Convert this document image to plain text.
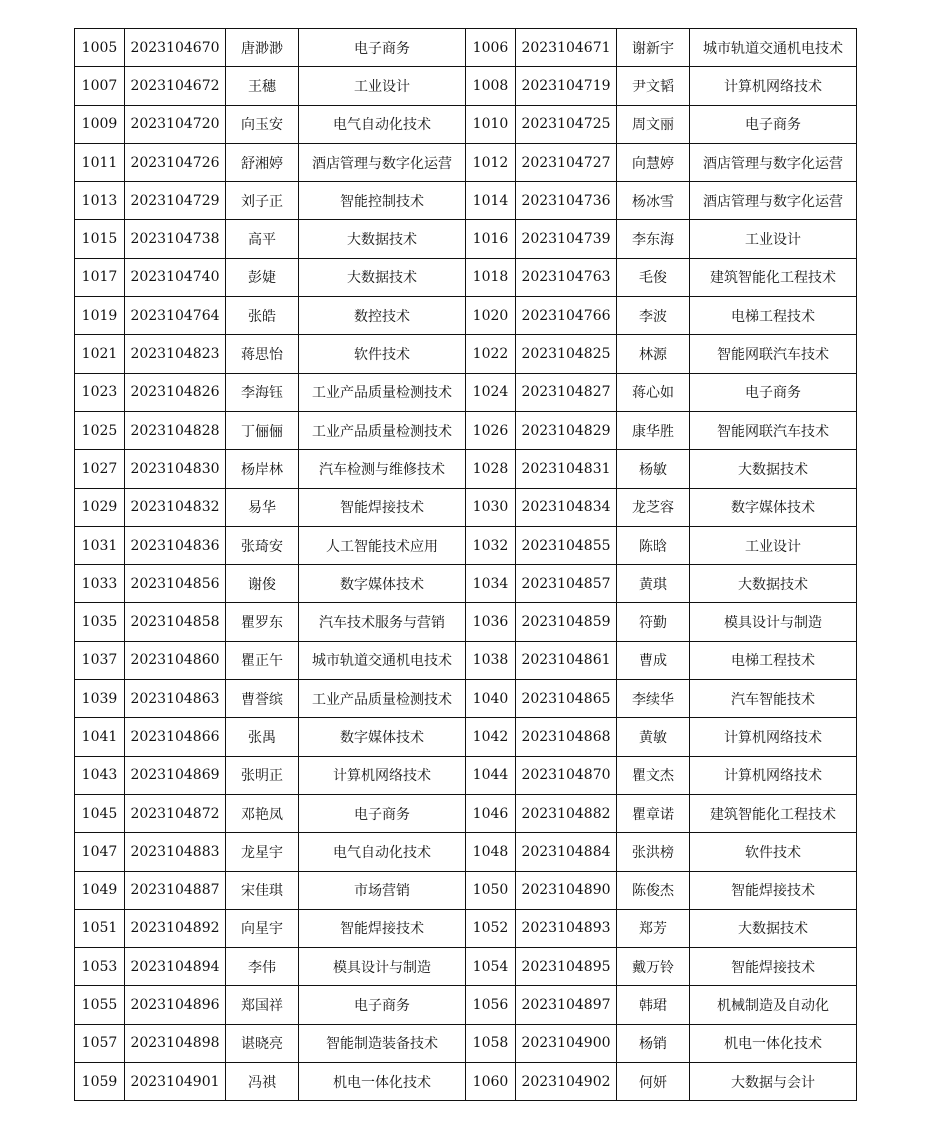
1005	2023104670	唐渺渺	电子商务	1006	2023104671	谢新宇	城市轨道交通机电技术
1007	2023104672	王穗	工业设计	1008	2023104719	尹文韬	计算机网络技术
1009	2023104720	向玉安	电气自动化技术	1010	2023104725	周文丽	电子商务
1011	2023104726	舒湘婷	酒店管理与数字化运营	1012	2023104727	向慧婷	酒店管理与数字化运营
1013	2023104729	刘子正	智能控制技术	1014	2023104736	杨冰雪	酒店管理与数字化运营
1015	2023104738	高平	大数据技术	1016	2023104739	李东海	工业设计
1017	2023104740	彭婕	大数据技术	1018	2023104763	毛俊	建筑智能化工程技术
1019	2023104764	张皓	数控技术	1020	2023104766	李波	电梯工程技术
1021	2023104823	蒋思怡	软件技术	1022	2023104825	林源	智能网联汽车技术
1023	2023104826	李海钰	工业产品质量检测技术	1024	2023104827	蒋心如	电子商务
1025	2023104828	丁俪俪	工业产品质量检测技术	1026	2023104829	康华胜	智能网联汽车技术
1027	2023104830	杨岸林	汽车检测与维修技术	1028	2023104831	杨敏	大数据技术
1029	2023104832	易华	智能焊接技术	1030	2023104834	龙芝容	数字媒体技术
1031	2023104836	张琦安	人工智能技术应用	1032	2023104855	陈晗	工业设计
1033	2023104856	谢俊	数字媒体技术	1034	2023104857	黄琪	大数据技术
1035	2023104858	瞿罗东	汽车技术服务与营销	1036	2023104859	符勤	模具设计与制造
1037	2023104860	瞿正午	城市轨道交通机电技术	1038	2023104861	曹成	电梯工程技术
1039	2023104863	曹誉缤	工业产品质量检测技术	1040	2023104865	李续华	汽车智能技术
1041	2023104866	张禺	数字媒体技术	1042	2023104868	黄敏	计算机网络技术
1043	2023104869	张明正	计算机网络技术	1044	2023104870	瞿文杰	计算机网络技术
1045	2023104872	邓艳凤	电子商务	1046	2023104882	瞿章诺	建筑智能化工程技术
1047	2023104883	龙星宇	电气自动化技术	1048	2023104884	张洪榜	软件技术
1049	2023104887	宋佳琪	市场营销	1050	2023104890	陈俊杰	智能焊接技术
1051	2023104892	向星宇	智能焊接技术	1052	2023104893	郑芳	大数据技术
1053	2023104894	李伟	模具设计与制造	1054	2023104895	戴万铃	智能焊接技术
1055	2023104896	郑国祥	电子商务	1056	2023104897	韩珺	机械制造及自动化
1057	2023104898	谌晓亮	智能制造装备技术	1058	2023104900	杨销	机电一体化技术
1059	2023104901	冯祺	机电一体化技术	1060	2023104902	何妍	大数据与会计
